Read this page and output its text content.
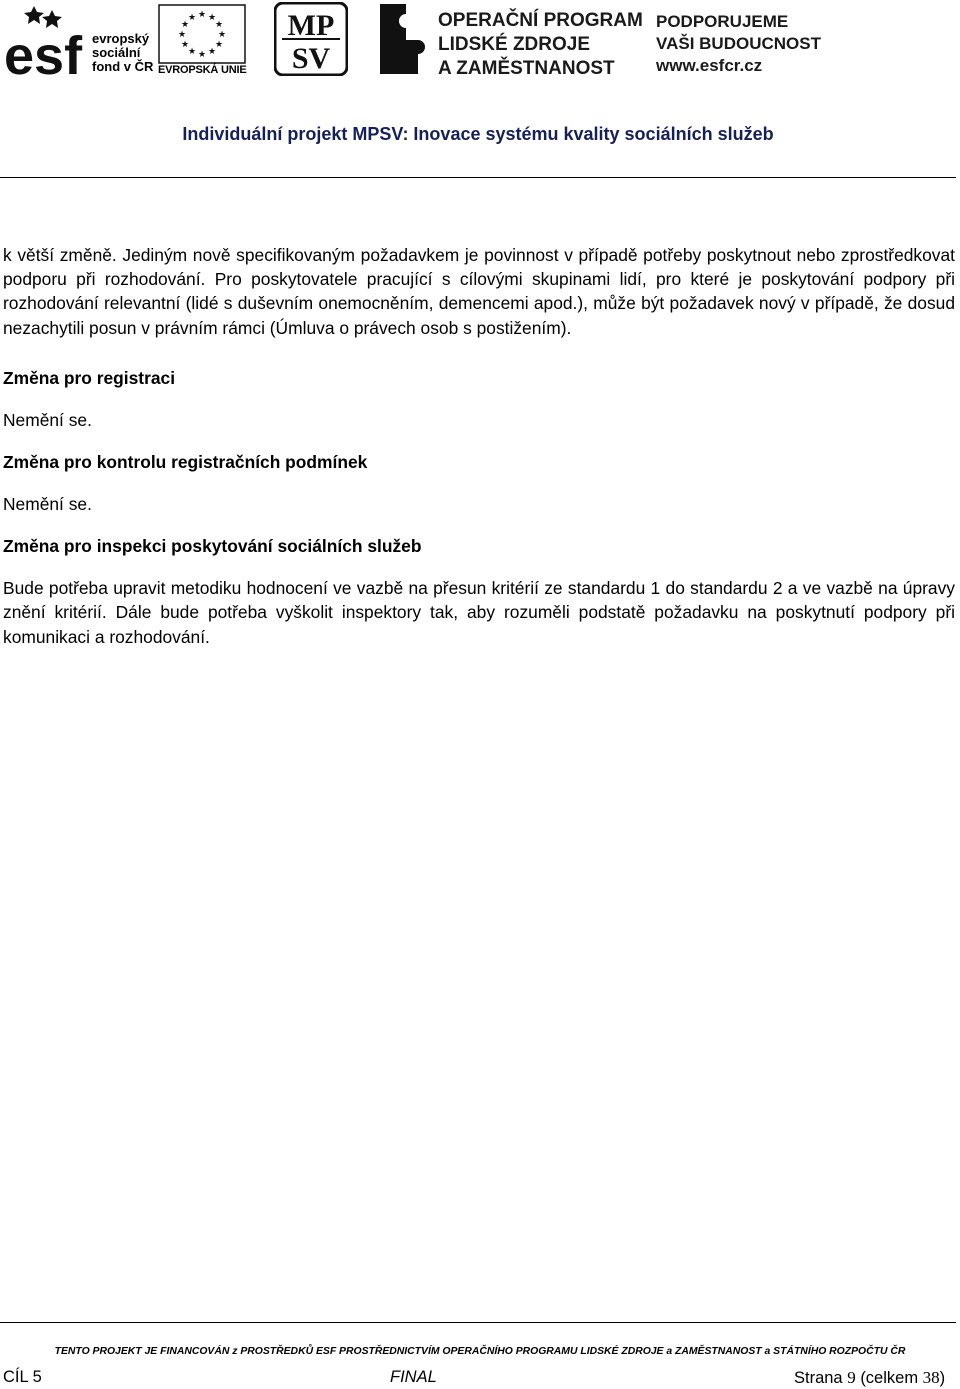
esf evropský
sociální
fond v ČR
★ ★
★
★
★
★
★
★
★
★
★
★
EVROPSKÁ UNIE
MP
SV
OPERAČNÍ PROGRAM
LIDSKÉ ZDROJE
A ZAMĚSTNANOST
PODPORUJEME
VAŠI BUDOUCNOST
www.esfcr.cz
Individuální projekt MPSV: Inovace systému kvality sociálních služeb

k větší změně. Jediným nově specifikovaným požadavkem je povinnost v případě potřeby poskytnout nebo zprostředkovat podporu při rozhodování. Pro poskytovatele pracující s cílovými skupinami lidí, pro které je poskytování podpory při rozhodování relevantní (lidé s duševním onemocněním, demencemi apod.), může být požadavek nový v případě, že dosud nezachytili posun v právním rámci (Úmluva o právech osob s postižením).

Změna pro registraci

Nemění se.

Změna pro kontrolu registračních podmínek

Nemění se.

Změna pro inspekci poskytování sociálních služeb

Bude potřeba upravit metodiku hodnocení ve vazbě na přesun kritérií ze standardu 1 do standardu 2 a ve vazbě na úpravy znění kritérií. Dále bude potřeba vyškolit inspektory tak, aby rozuměli podstatě požadavku na poskytnutí podpory při komunikaci a rozhodování.

TENTO PROJEKT JE FINANCOVÁN z PROSTŘEDKŮ ESF PROSTŘEDNICTVÍM OPERAČNÍHO PROGRAMU LIDSKÉ ZDROJE a ZAMĚSTNANOST a STÁTNÍHO ROZPOČTU ČR
CÍL 5	FINAL	Strana 9 (celkem 38)
